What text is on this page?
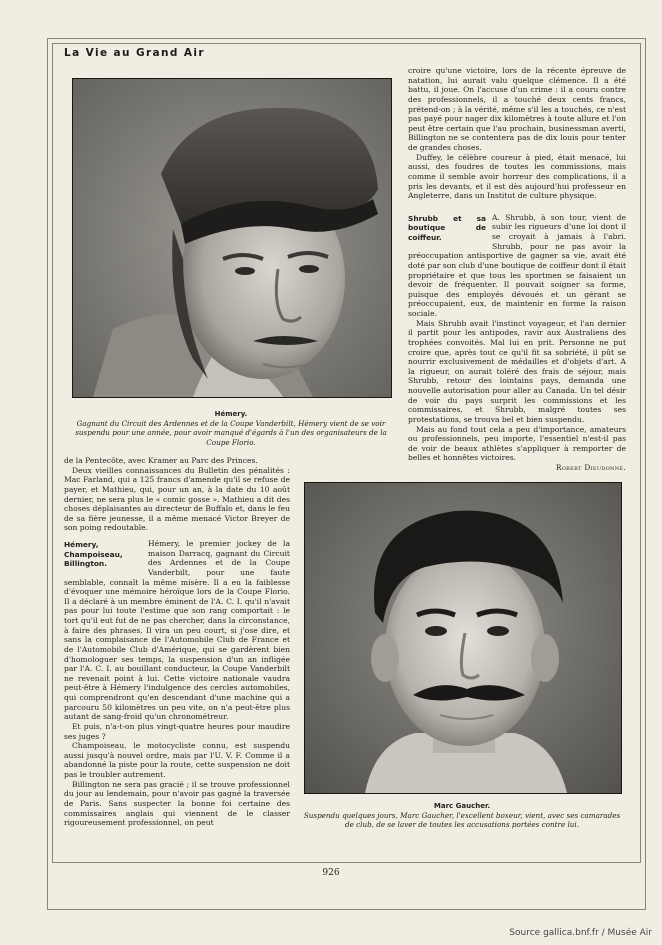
La Vie au Grand Air
Hémery.
Gagnant du Circuit des Ardennes et de la Coupe Vanderbilt, Hémery vient de se voir suspendu pour une année, pour avoir manqué d'égards à l'un des organisateurs de la Coupe Florio.

croire qu'une victoire, lors de la récente épreuve de natation, lui aurait valu quelque clémence. Il a été battu, il joue. On l'accuse d'un crime : il a couru contre des professionnels, il a touché deux cents francs, prétend-on ; à la vérité, même s'il les a touchés, ce n'est pas payé pour nager dix kilomètres à toute allure et l'on peut être certain que l'au prochain, businessman averti, Billington ne se contentera pas de dix louis pour tenter de grandes choses.

Duffey, le célèbre coureur à pied, était menacé, lui aussi, des foudres de toutes les commissions, mais comme il semble avoir horreur des complications, il a pris les devants, et il est dès aujourd'hui professeur en Angleterre, dans un Institut de culture physique.

Shrubb et sa boutique de coiffeur.

A. Shrubb, à son tour, vient de subir les rigueurs d'une loi dont il se croyait à jamais à l'abri. Shrubb, pour ne pas avoir la préoccupation antisportive de gagner sa vie, avait été doté par son club d'une boutique de coiffeur dont il était propriétaire et que tous les sportmen se faisaient un devoir de fréquenter. Il pouvait soigner sa forme, puisque des employés dévoués et un gérant se préoccupaient, eux, de maintenir en forme la raison sociale.

Mais Shrubb avait l'instinct voyageur, et l'an dernier il partit pour les antipodes, ravir aux Australiens des trophées convoités. Mal lui en prit. Personne ne put croire que, après tout ce qu'il fit sa sobriété, il pût se nourrir exclusivement de médailles et d'objets d'art. A la rigueur, on aurait toléré des frais de séjour, mais Shrubb, retour des lointains pays, demanda une nouvelle autorisation pour aller au Canada. Un tel désir de voir du pays surprit les commissions et les commissaires, et Shrubb, malgré toutes ses protestations, se trouva bel et bien suspendu.

Mais au fond tout cela a peu d'importance, amateurs ou professionnels, peu importe, l'essentiel n'est-il pas de voir de beaux athlètes s'appliquer à remporter de belles et honnêtes victoires.

Robert Dieudonné.

de la Pentecôte, avec Kramer au Parc des Princes.

Deux vieilles connaissances du Bulletin des pénalités : Mac Farland, qui a 125 francs d'amende qu'il se refuse de payer, et Mathieu, qui, pour un an, à la date du 10 août dernier, ne sera plus le « comic gosse ». Mathieu a dit des choses déplaisantes au directeur de Buffalo et, dans le feu de sa fière jeunesse, il a même menacé Victor Breyer de son poing redoutable.

Hémery, Champoiseau, Billington.

Hémery, le premier jockey de la maison Darracq, gagnant du Circuit des Ardennes et de la Coupe Vanderbilt, pour une faute semblable, connaît la même misère. Il a eu la faiblesse d'évoquer une mémoire héroïque lors de la Coupe Florio. Il a déclaré à un membre éminent de l'A. C. I. qu'il n'avait pas pour lui toute l'estime que son rang comportait : le tort qu'il eut fut de ne pas chercher, dans la circonstance, à faire des phrases. Il vira un peu court, si j'ose dire, et sans la complaisance de l'Automobile Club de France et de l'Automobile Club d'Amérique, qui se gardèrent bien d'homologuer ses temps, la suspension d'un an infligée par l'A. C. I. au bouillant conducteur, la Coupe Vanderbilt ne revenait point à lui. Cette victoire nationale vaudra peut-être à Hémery l'indulgence des cercles automobiles, qui comprendront qu'en descendant d'une machine qui a parcouru 50 kilomètres un peu vite, on n'a peut-être plus autant de sang-froid qu'un chronométreur.

Et puis, n'a-t-on plus vingt-quatre heures pour maudire ses juges ?

Champoiseau, le motocycliste connu, est suspendu aussi jusqu'à nouvel ordre, mais par l'U. V. F. Comme il a abandonné la piste pour la route, cette suspension ne doit pas le troubler autrement.

Billington ne sera pas gracié ; il se trouve professionnel du jour au lendemain, pour n'avoir pas gagné la traversée de Paris. Sans suspecter la bonne foi certaine des commissaires anglais qui viennent de le classer rigoureusement professionnel, on peut

Marc Gaucher.
Suspendu quelques jours, Marc Gaucher, l'excellent boxeur, vient, avec ses camarades de club, de se laver de toutes les accusations portées contre lui.
926
Source gallica.bnf.fr / Musée Air
